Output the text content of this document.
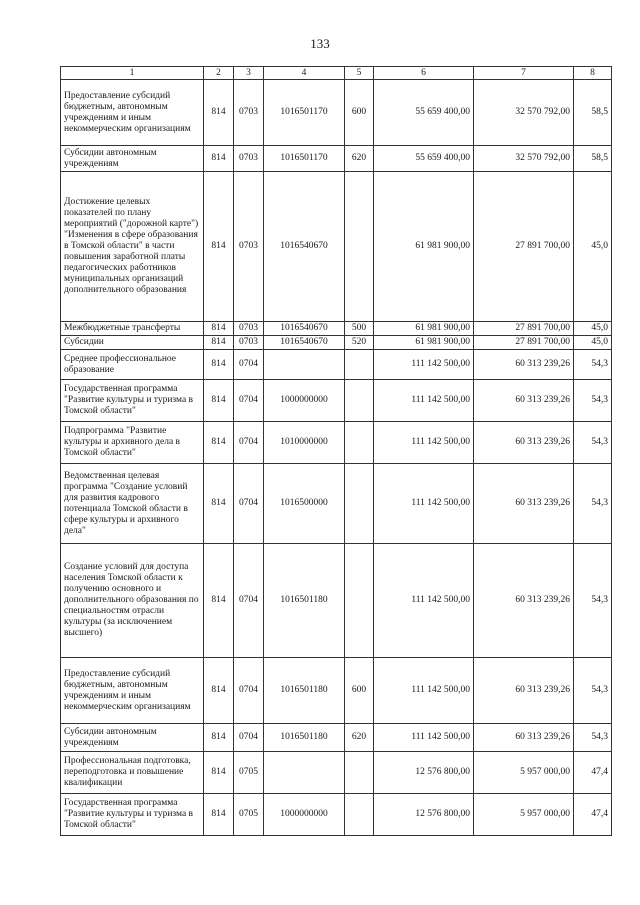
133
1	2	3	4	5	6	7	8
Предоставление субсидий бюджетным, автономным учреждениям и иным некоммерческим организациям	814	0703	1016501170	600	55 659 400,00	32 570 792,00	58,5
Субсидии автономным учреждениям	814	0703	1016501170	620	55 659 400,00	32 570 792,00	58,5
Достижение целевых показателей по плану мероприятий ("дорожной карте") "Изменения в сфере образования в Томской области" в части повышения заработной платы педагогических работников муниципальных организаций дополнительного образования	814	0703	1016540670		61 981 900,00	27 891 700,00	45,0
Межбюджетные трансферты	814	0703	1016540670	500	61 981 900,00	27 891 700,00	45,0
Субсидии	814	0703	1016540670	520	61 981 900,00	27 891 700,00	45,0
Среднее профессиональное образование	814	0704			111 142 500,00	60 313 239,26	54,3
Государственная программа "Развитие культуры и туризма в Томской области"	814	0704	1000000000		111 142 500,00	60 313 239,26	54,3
Подпрограмма "Развитие культуры и архивного дела в Томской области"	814	0704	1010000000		111 142 500,00	60 313 239,26	54,3
Ведомственная целевая программа "Создание условий для развития кадрового потенциала Томской области в сфере культуры и архивного дела"	814	0704	1016500000		111 142 500,00	60 313 239,26	54,3
Создание условий для доступа населения Томской области к получению основного и дополнительного образования по специальностям отрасли культуры (за исключением высшего)	814	0704	1016501180		111 142 500,00	60 313 239,26	54,3
Предоставление субсидий бюджетным, автономным учреждениям и иным некоммерческим организациям	814	0704	1016501180	600	111 142 500,00	60 313 239,26	54,3
Субсидии автономным учреждениям	814	0704	1016501180	620	111 142 500,00	60 313 239,26	54,3
Профессиональная подготовка, переподготовка и повышение квалификации	814	0705			12 576 800,00	5 957 000,00	47,4
Государственная программа "Развитие культуры и туризма в Томской области"	814	0705	1000000000		12 576 800,00	5 957 000,00	47,4
